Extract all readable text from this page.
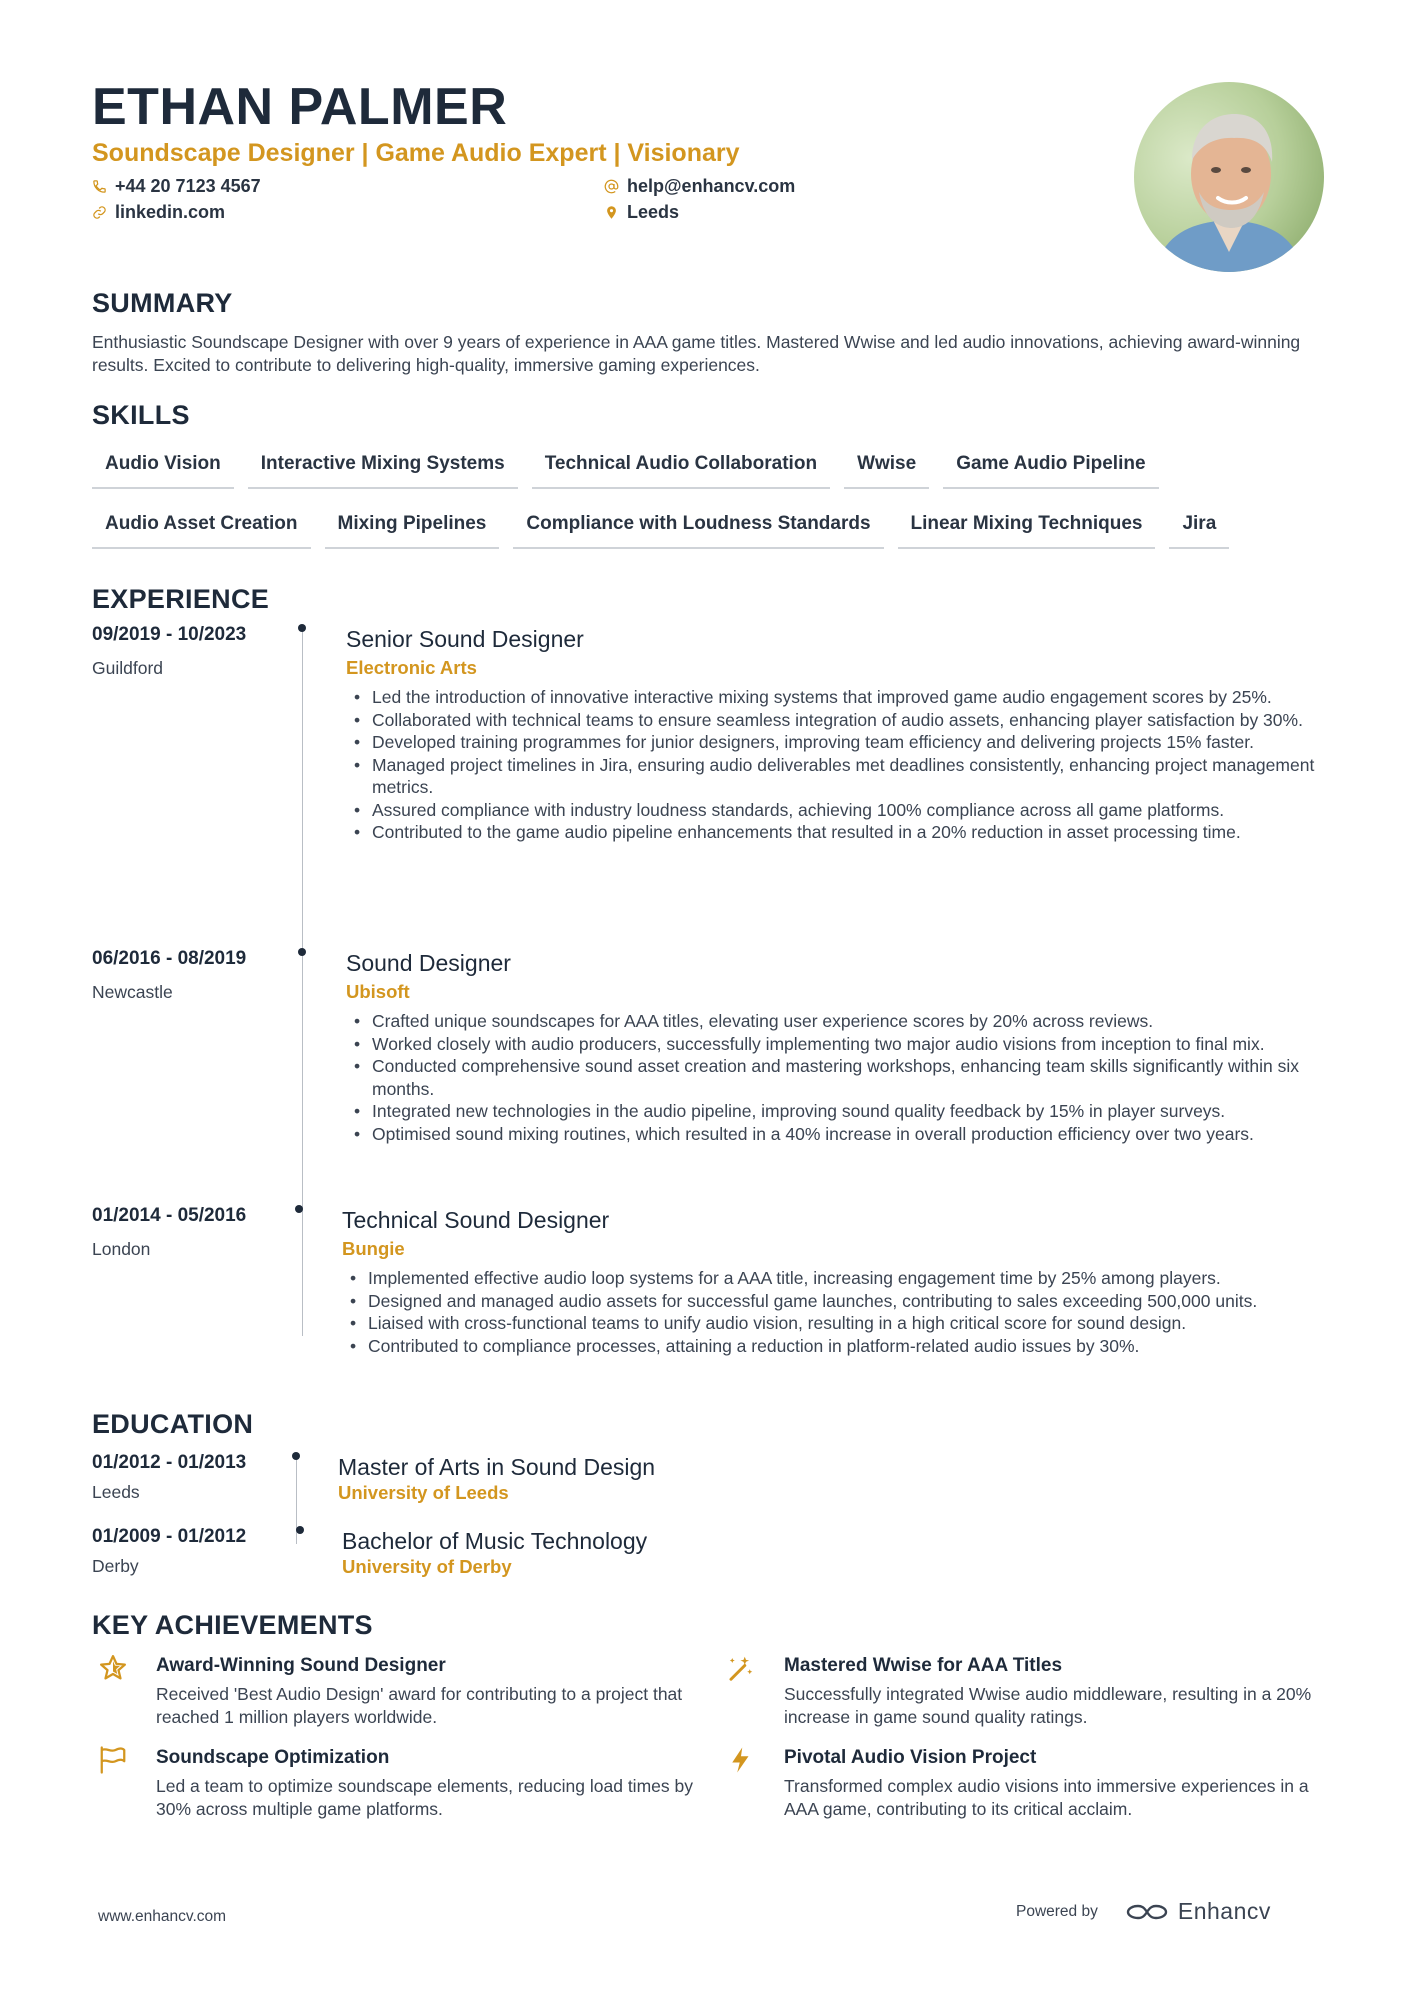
ETHAN PALMER
Soundscape Designer | Game Audio Expert | Visionary
+44 20 7123 4567	help@enhancv.com
linkedin.com	Leeds
SUMMARY
Enthusiastic Soundscape Designer with over 9 years of experience in AAA game titles. Mastered Wwise and led audio innovations, achieving award-winning results. Excited to contribute to delivering high-quality, immersive gaming experiences.
SKILLS
Audio Vision	Interactive Mixing Systems	Technical Audio Collaboration	Wwise	Game Audio Pipeline
Audio Asset Creation	Mixing Pipelines	Compliance with Loudness Standards	Linear Mixing Techniques	Jira
EXPERIENCE
09/2019 - 10/2023
Guildford
Senior Sound Designer
Electronic Arts
• Led the introduction of innovative interactive mixing systems that improved game audio engagement scores by 25%.
• Collaborated with technical teams to ensure seamless integration of audio assets, enhancing player satisfaction by 30%.
• Developed training programmes for junior designers, improving team efficiency and delivering projects 15% faster.
• Managed project timelines in Jira, ensuring audio deliverables met deadlines consistently, enhancing project management metrics.
• Assured compliance with industry loudness standards, achieving 100% compliance across all game platforms.
• Contributed to the game audio pipeline enhancements that resulted in a 20% reduction in asset processing time.
06/2016 - 08/2019
Newcastle
Sound Designer
Ubisoft
• Crafted unique soundscapes for AAA titles, elevating user experience scores by 20% across reviews.
• Worked closely with audio producers, successfully implementing two major audio visions from inception to final mix.
• Conducted comprehensive sound asset creation and mastering workshops, enhancing team skills significantly within six months.
• Integrated new technologies in the audio pipeline, improving sound quality feedback by 15% in player surveys.
• Optimised sound mixing routines, which resulted in a 40% increase in overall production efficiency over two years.
01/2014 - 05/2016
London
Technical Sound Designer
Bungie
• Implemented effective audio loop systems for a AAA title, increasing engagement time by 25% among players.
• Designed and managed audio assets for successful game launches, contributing to sales exceeding 500,000 units.
• Liaised with cross-functional teams to unify audio vision, resulting in a high critical score for sound design.
• Contributed to compliance processes, attaining a reduction in platform-related audio issues by 30%.
EDUCATION
01/2012 - 01/2013
Leeds
Master of Arts in Sound Design
University of Leeds
01/2009 - 01/2012
Derby
Bachelor of Music Technology
University of Derby
KEY ACHIEVEMENTS
Award-Winning Sound Designer
Received 'Best Audio Design' award for contributing to a project that reached 1 million players worldwide.
Mastered Wwise for AAA Titles
Successfully integrated Wwise audio middleware, resulting in a 20% increase in game sound quality ratings.
Soundscape Optimization
Led a team to optimize soundscape elements, reducing load times by 30% across multiple game platforms.
Pivotal Audio Vision Project
Transformed complex audio visions into immersive experiences in a AAA game, contributing to its critical acclaim.
www.enhancv.com	Powered by	Enhancv
